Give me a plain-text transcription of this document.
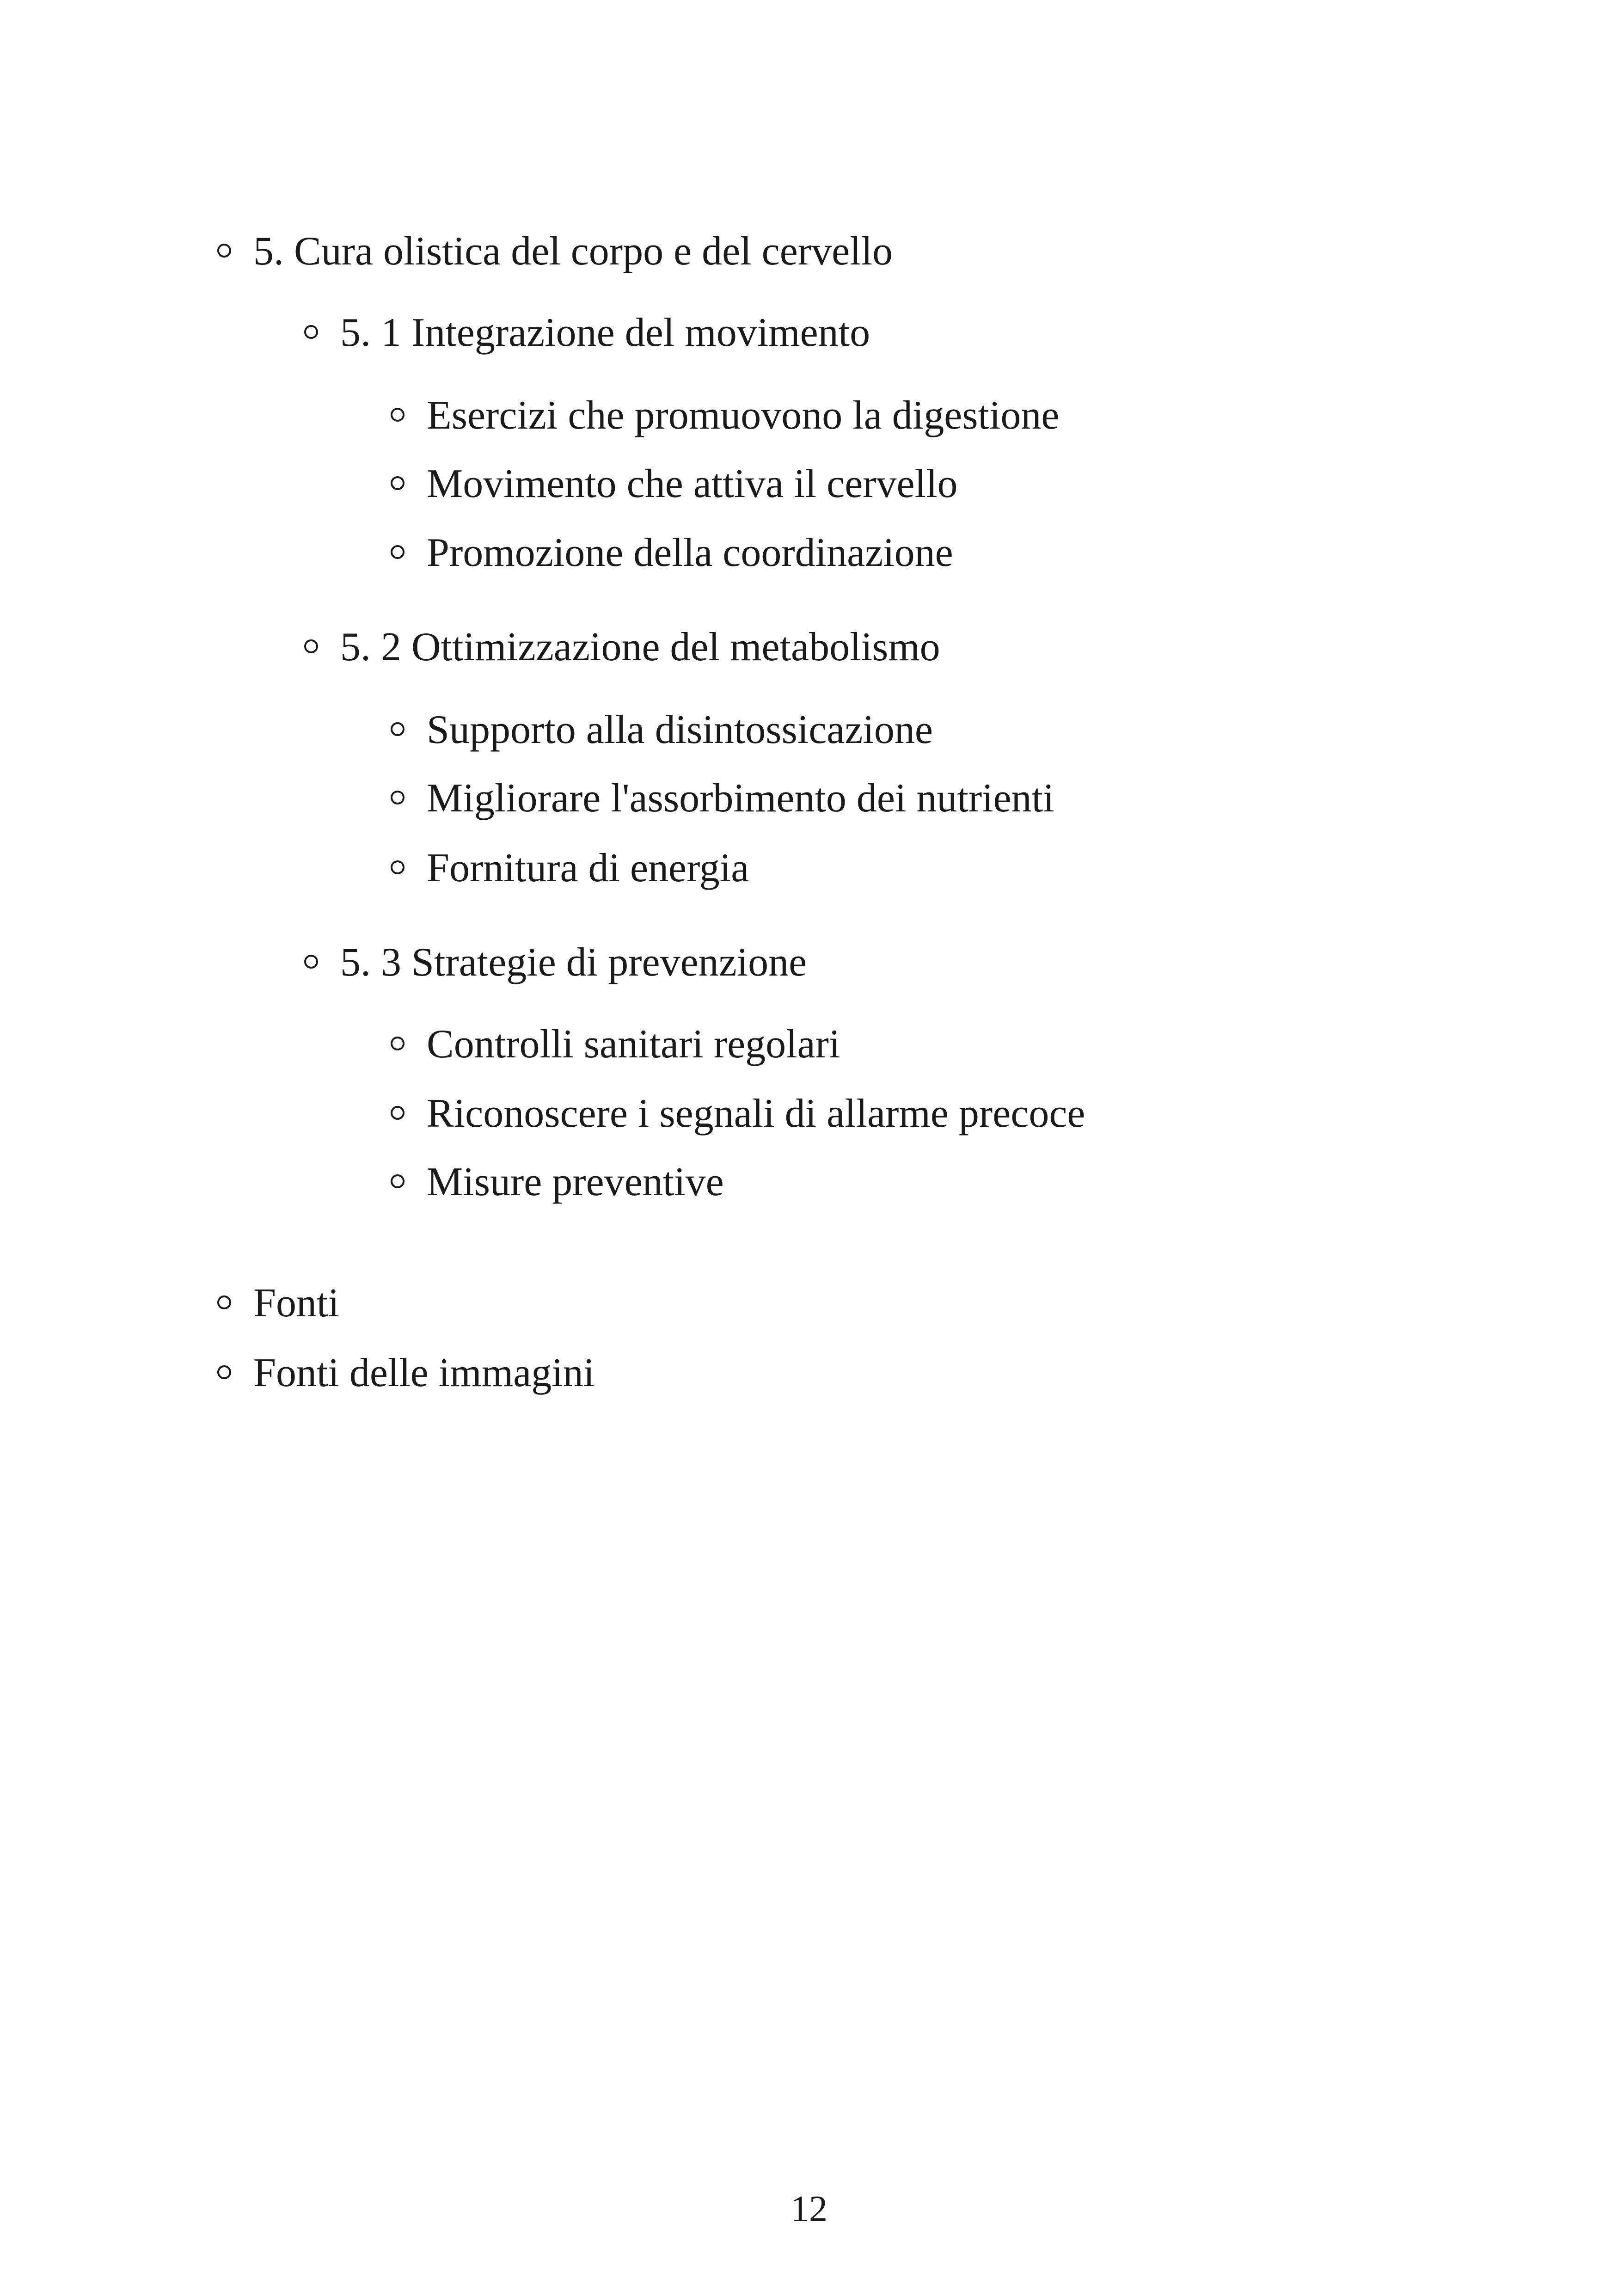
5. Cura olistica del corpo e del cervello
5. 1 Integrazione del movimento
Esercizi che promuovono la digestione
Movimento che attiva il cervello
Promozione della coordinazione
5. 2 Ottimizzazione del metabolismo
Supporto alla disintossicazione
Migliorare l'assorbimento dei nutrienti
Fornitura di energia
5. 3 Strategie di prevenzione
Controlli sanitari regolari
Riconoscere i segnali di allarme precoce
Misure preventive
Fonti
Fonti delle immagini
12
